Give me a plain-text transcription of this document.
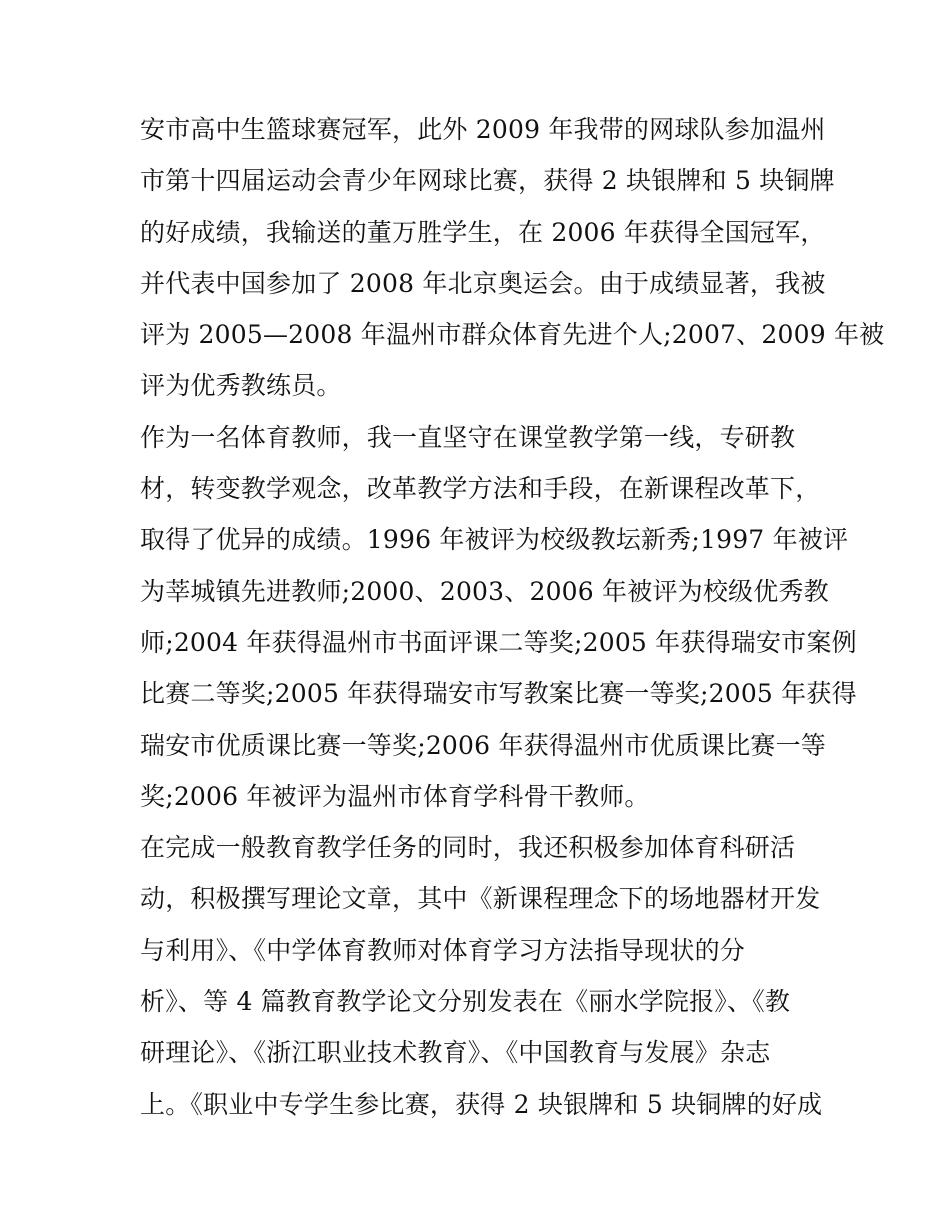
安市高中生篮球赛冠军，此外 2009 年我带的网球队参加温州
市第十四届运动会青少年网球比赛，获得 2 块银牌和 5 块铜牌
的好成绩，我输送的董万胜学生，在 2006 年获得全国冠军，
并代表中国参加了 2008 年北京奥运会。由于成绩显著，我被
评为 2005—2008 年温州市群众体育先进个人;2007、2009 年被
评为优秀教练员。
作为一名体育教师，我一直坚守在课堂教学第一线，专研教
材，转变教学观念，改革教学方法和手段，在新课程改革下，
取得了优异的成绩。1996 年被评为校级教坛新秀;1997 年被评
为莘城镇先进教师;2000、2003、2006 年被评为校级优秀教
师;2004 年获得温州市书面评课二等奖;2005 年获得瑞安市案例
比赛二等奖;2005 年获得瑞安市写教案比赛一等奖;2005 年获得
瑞安市优质课比赛一等奖;2006 年获得温州市优质课比赛一等
奖;2006 年被评为温州市体育学科骨干教师。
在完成一般教育教学任务的同时，我还积极参加体育科研活
动，积极撰写理论文章，其中《新课程理念下的场地器材开发
与利用》、《中学体育教师对体育学习方法指导现状的分
析》、等 4 篇教育教学论文分别发表在《丽水学院报》、《教
研理论》、《浙江职业技术教育》、《中国教育与发展》杂志
上。《职业中专学生参比赛，获得 2 块银牌和 5 块铜牌的好成
